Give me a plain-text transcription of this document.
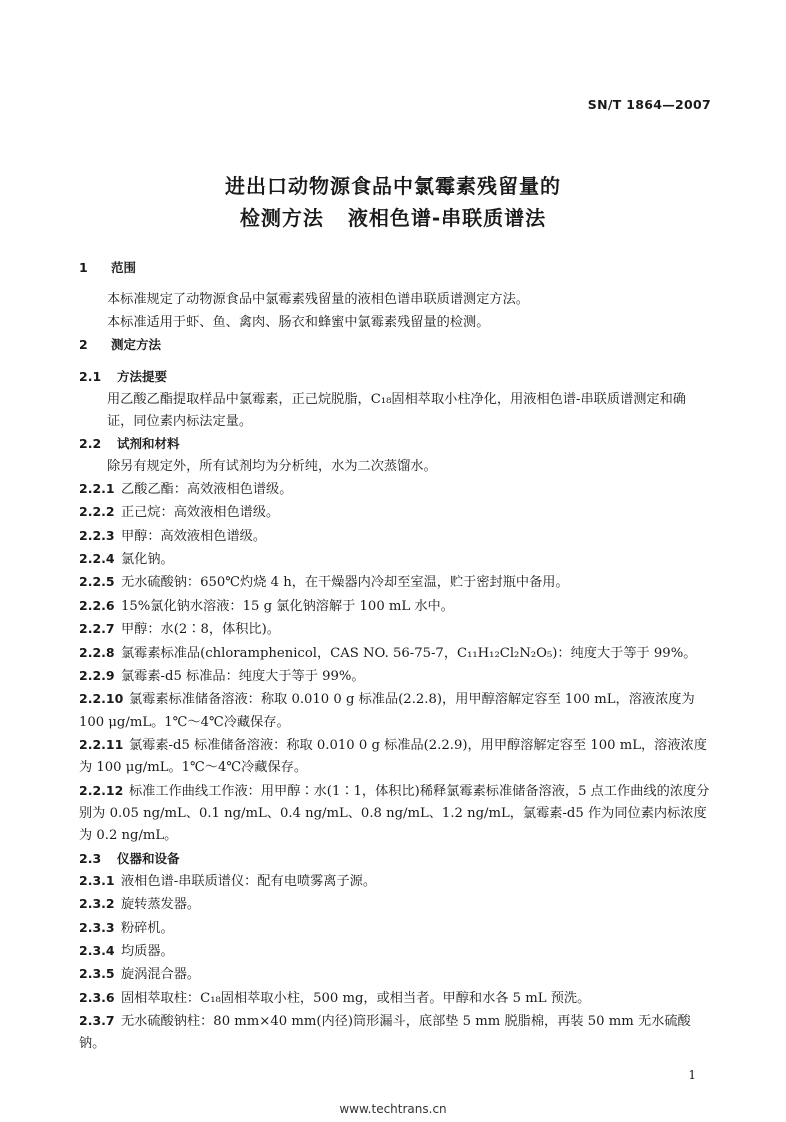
SN/T 1864—2007
进出口动物源食品中氯霉素残留量的
检测方法 液相色谱-串联质谱法
1 范围
本标准规定了动物源食品中氯霉素残留量的液相色谱串联质谱测定方法。
本标准适用于虾、鱼、禽肉、肠衣和蜂蜜中氯霉素残留量的检测。
2 测定方法
2.1 方法提要
用乙酸乙酯提取样品中氯霉素，正己烷脱脂，C₁₈固相萃取小柱净化，用液相色谱-串联质谱测定和确证，同位素内标法定量。
2.2 试剂和材料
除另有规定外，所有试剂均为分析纯，水为二次蒸馏水。
2.2.1 乙酸乙酯：高效液相色谱级。
2.2.2 正己烷：高效液相色谱级。
2.2.3 甲醇：高效液相色谱级。
2.2.4 氯化钠。
2.2.5 无水硫酸钠：650℃灼烧 4 h，在干燥器内冷却至室温，贮于密封瓶中备用。
2.2.6 15%氯化钠水溶液：15 g 氯化钠溶解于 100 mL 水中。
2.2.7 甲醇：水(2∶8，体积比)。
2.2.8 氯霉素标准品(chloramphenicol，CAS NO. 56-75-7，C₁₁H₁₂Cl₂N₂O₅)：纯度大于等于 99%。
2.2.9 氯霉素-d5 标准品：纯度大于等于 99%。
2.2.10 氯霉素标准储备溶液：称取 0.010 0 g 标准品(2.2.8)，用甲醇溶解定容至 100 mL，溶液浓度为 100 μg/mL。1℃～4℃冷藏保存。
2.2.11 氯霉素-d5 标准储备溶液：称取 0.010 0 g 标准品(2.2.9)，用甲醇溶解定容至 100 mL，溶液浓度为 100 μg/mL。1℃～4℃冷藏保存。
2.2.12 标准工作曲线工作液：用甲醇∶水(1∶1，体积比)稀释氯霉素标准储备溶液，5 点工作曲线的浓度分别为 0.05 ng/mL、0.1 ng/mL、0.4 ng/mL、0.8 ng/mL、1.2 ng/mL，氯霉素-d5 作为同位素内标浓度为 0.2 ng/mL。
2.3 仪器和设备
2.3.1 液相色谱-串联质谱仪：配有电喷雾离子源。
2.3.2 旋转蒸发器。
2.3.3 粉碎机。
2.3.4 均质器。
2.3.5 旋涡混合器。
2.3.6 固相萃取柱：C₁₈固相萃取小柱，500 mg，或相当者。甲醇和水各 5 mL 预洗。
2.3.7 无水硫酸钠柱：80 mm×40 mm(内径)筒形漏斗，底部垫 5 mm 脱脂棉，再装 50 mm 无水硫酸钠。
1
www.techtrans.cn
